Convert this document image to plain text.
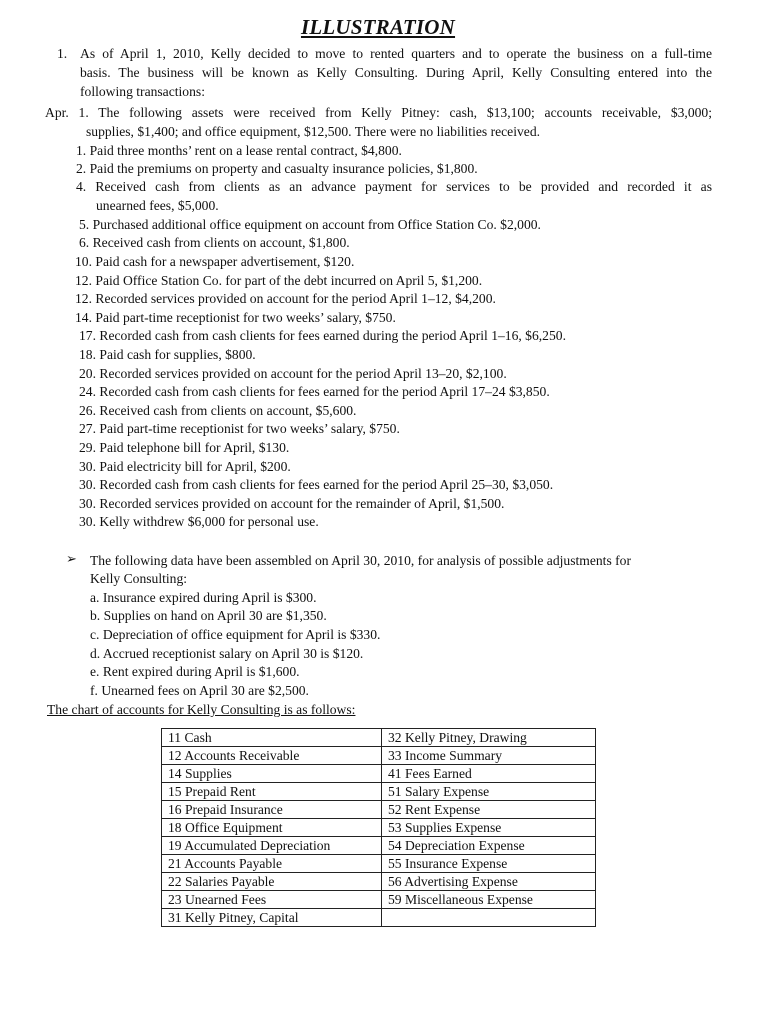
ILLUSTRATION
1. As of April 1, 2010, Kelly decided to move to rented quarters and to operate the business on a full-time
basis. The business will be known as Kelly Consulting. During April, Kelly Consulting entered into the
following transactions:
Apr. 1. The following assets were received from Kelly Pitney: cash, $13,100; accounts receivable, $3,000;
supplies, $1,400; and office equipment, $12,500. There were no liabilities received.
1. Paid three months’ rent on a lease rental contract, $4,800.
2. Paid the premiums on property and casualty insurance policies, $1,800.
4. Received cash from clients as an advance payment for services to be provided and recorded it as
unearned fees, $5,000.
5. Purchased additional office equipment on account from Office Station Co. $2,000.
6. Received cash from clients on account, $1,800.
10. Paid cash for a newspaper advertisement, $120.
12. Paid Office Station Co. for part of the debt incurred on April 5, $1,200.
12. Recorded services provided on account for the period April 1–12, $4,200.
14. Paid part-time receptionist for two weeks’ salary, $750.
17. Recorded cash from cash clients for fees earned during the period April 1–16, $6,250.
18. Paid cash for supplies, $800.
20. Recorded services provided on account for the period April 13–20, $2,100.
24. Recorded cash from cash clients for fees earned for the period April 17–24 $3,850.
26. Received cash from clients on account, $5,600.
27. Paid part-time receptionist for two weeks’ salary, $750.
29. Paid telephone bill for April, $130.
30. Paid electricity bill for April, $200.
30. Recorded cash from cash clients for fees earned for the period April 25–30, $3,050.
30. Recorded services provided on account for the remainder of April, $1,500.
30. Kelly withdrew $6,000 for personal use.
➢ The following data have been assembled on April 30, 2010, for analysis of possible adjustments for
Kelly Consulting:
a. Insurance expired during April is $300.
b. Supplies on hand on April 30 are $1,350.
c. Depreciation of office equipment for April is $330.
d. Accrued receptionist salary on April 30 is $120.
e. Rent expired during April is $1,600.
f. Unearned fees on April 30 are $2,500.
The chart of accounts for Kelly Consulting is as follows:
11 Cash	32 Kelly Pitney, Drawing
12 Accounts Receivable	33 Income Summary
14 Supplies	41 Fees Earned
15 Prepaid Rent	51 Salary Expense
16 Prepaid Insurance	52 Rent Expense
18 Office Equipment	53 Supplies Expense
19 Accumulated Depreciation	54 Depreciation Expense
21 Accounts Payable	55 Insurance Expense
22 Salaries Payable	56 Advertising Expense
23 Unearned Fees	59 Miscellaneous Expense
31 Kelly Pitney, Capital	
